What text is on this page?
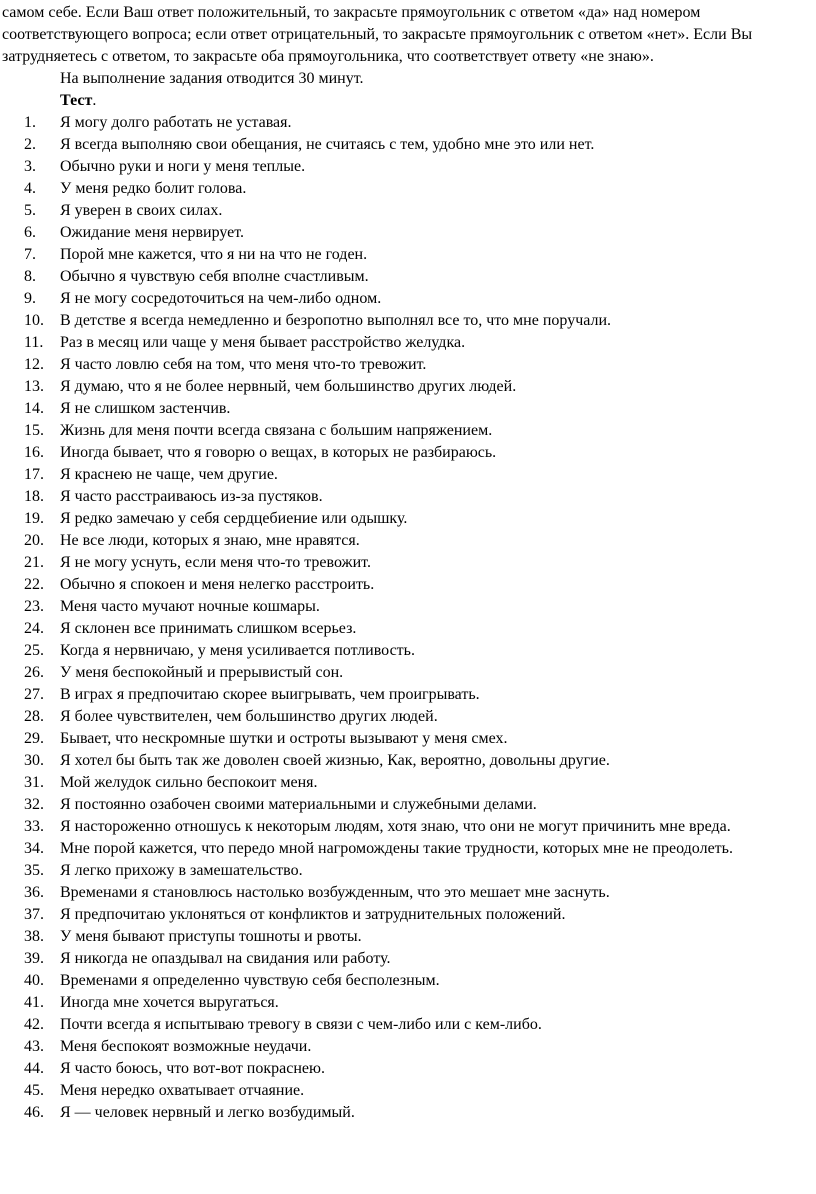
самом себе. Если Ваш ответ положительный, то закрасьте прямоугольник с ответом «да» над номером соответствующего вопроса; если ответ отрицательный, то закрасьте прямоугольник с ответом «нет». Если Вы затрудняетесь с ответом, то закрасьте оба прямоугольника, что соответствует ответу «не знаю».

На выполнение задания отводится 30 минут.

Тест.

1.	Я могу долго работать не уставая.
2.	Я всегда выполняю свои обещания, не считаясь с тем, удобно мне это или нет.
3.	Обычно руки и ноги у меня теплые.
4.	У меня редко болит голова.
5.	Я уверен в своих силах.
6.	Ожидание меня нервирует.
7.	Порой мне кажется, что я ни на что не годен.
8.	Обычно я чувствую себя вполне счастливым.
9.	Я не могу сосредоточиться на чем-либо одном.
10.	В детстве я всегда немедленно и безропотно выполнял все то, что мне поручали.
11.	Раз в месяц или чаще у меня бывает расстройство желудка.
12.	Я часто ловлю себя на том, что меня что-то тревожит.
13.	Я думаю, что я не более нервный, чем большинство других людей.
14.	Я не слишком застенчив.
15.	Жизнь для меня почти всегда связана с большим напряжением.
16.	Иногда бывает, что я говорю о вещах, в которых не разбираюсь.
17.	Я краснею не чаще, чем другие.
18.	Я часто расстраиваюсь из-за пустяков.
19.	Я редко замечаю у себя сердцебиение или одышку.
20.	Не все люди, которых я знаю, мне нравятся.
21.	Я не могу уснуть, если меня что-то тревожит.
22.	Обычно я спокоен и меня нелегко расстроить.
23.	Меня часто мучают ночные кошмары.
24.	Я склонен все принимать слишком всерьез.
25.	Когда я нервничаю, у меня усиливается потливость.
26.	У меня беспокойный и прерывистый сон.
27.	В играх я предпочитаю скорее выигрывать, чем проигрывать.
28.	Я более чувствителен, чем большинство других людей.
29.	Бывает, что нескромные шутки и остроты вызывают у меня смех.
30.	Я хотел бы быть так же доволен своей жизнью, Как, вероятно, довольны другие.
31.	Мой желудок сильно беспокоит меня.
32.	Я постоянно озабочен своими материальными и служебными делами.
33.	Я настороженно отношусь к некоторым людям, хотя знаю, что они не могут причинить мне вреда.
34.	Мне порой кажется, что передо мной нагромождены такие трудности, которых мне не преодолеть.
35.	Я легко прихожу в замешательство.
36.	Временами я становлюсь настолько возбужденным, что это мешает мне заснуть.
37.	Я предпочитаю уклоняться от конфликтов и затруднительных положений.
38.	У меня бывают приступы тошноты и рвоты.
39.	Я никогда не опаздывал на свидания или работу.
40.	Временами я определенно чувствую себя бесполезным.
41.	Иногда мне хочется выругаться.
42.	Почти всегда я испытываю тревогу в связи с чем-либо или с кем-либо.
43.	Меня беспокоят возможные неудачи.
44.	Я часто боюсь, что вот-вот покраснею.
45.	Меня нередко охватывает отчаяние.
46.	Я — человек нервный и легко возбудимый.
